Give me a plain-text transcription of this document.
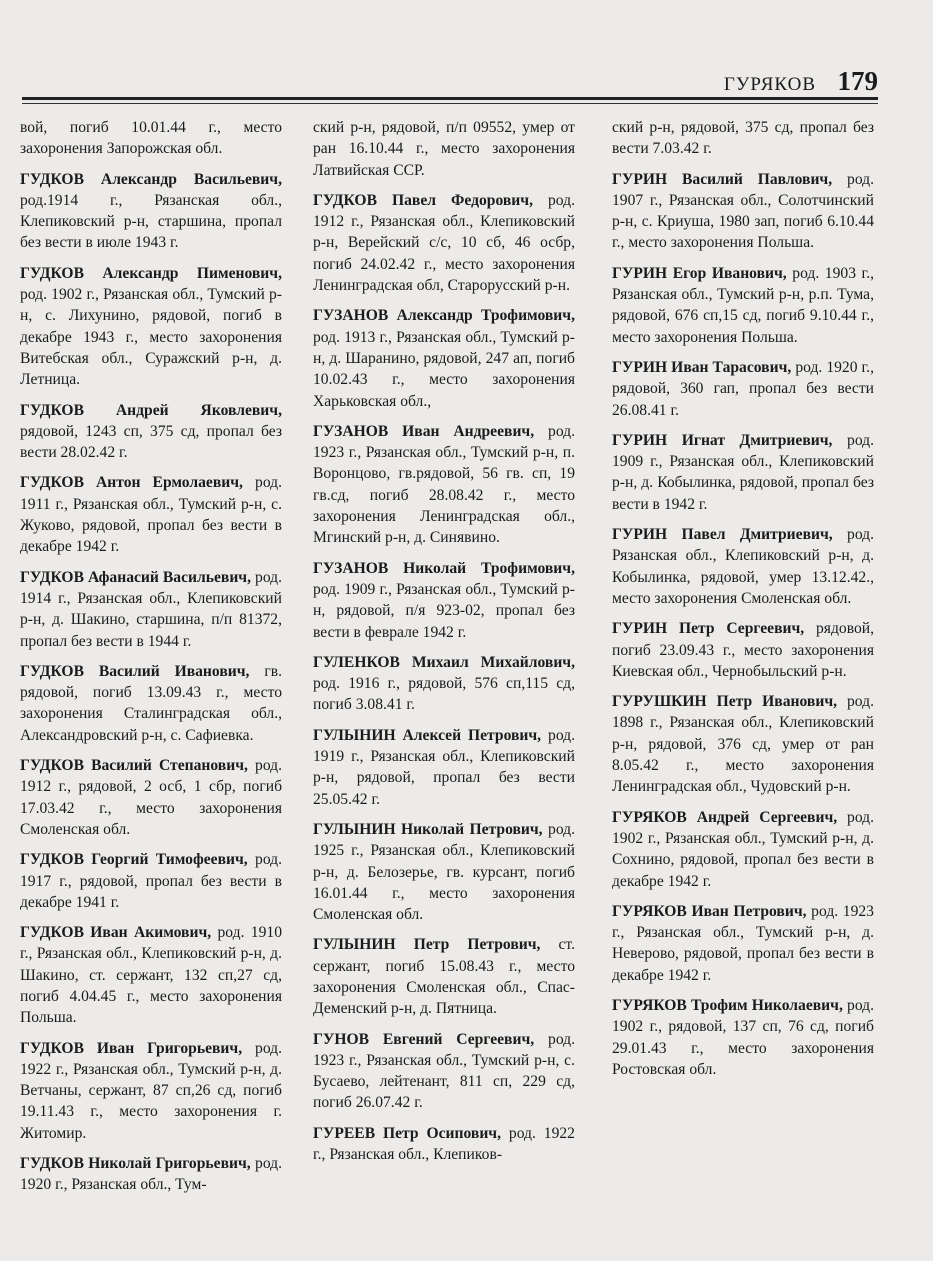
ГУРЯКОВ 179

вой, погиб 10.01.44 г., место захоронения Запорожская обл.

ГУДКОВ Александр Васильевич, род.1914 г., Рязанская обл., Клепиковский р-н, старшина, пропал без вести в июле 1943 г.

ГУДКОВ Александр Пименович, род. 1902 г., Рязанская обл., Тумский р-н, с. Лихунино, рядовой, погиб в декабре 1943 г., место захоронения Витебская обл., Суражский р-н, д. Летница.

ГУДКОВ Андрей Яковлевич, рядовой, 1243 сп, 375 сд, пропал без вести 28.02.42 г.

ГУДКОВ Антон Ермолаевич, род. 1911 г., Рязанская обл., Тумский р-н, с. Жуково, рядовой, пропал без вести в декабре 1942 г.

ГУДКОВ Афанасий Васильевич, род. 1914 г., Рязанская обл., Клепиковский р-н, д. Шакино, старшина, п/п 81372, пропал без вести в 1944 г.

ГУДКОВ Василий Иванович, гв. рядовой, погиб 13.09.43 г., место захоронения Сталинградская обл., Александровский р-н, с. Сафиевка.

ГУДКОВ Василий Степанович, род. 1912 г., рядовой, 2 осб, 1 сбр, погиб 17.03.42 г., место захоронения Смоленская обл.

ГУДКОВ Георгий Тимофеевич, род. 1917 г., рядовой, пропал без вести в декабре 1941 г.

ГУДКОВ Иван Акимович, род. 1910 г., Рязанская обл., Клепиковский р-н, д. Шакино, ст. сержант, 132 сп,27 сд, погиб 4.04.45 г., место захоронения Польша.

ГУДКОВ Иван Григорьевич, род. 1922 г., Рязанская обл., Тумский р-н, д. Ветчаны, сержант, 87 сп,26 сд, погиб 19.11.43 г., место захоронения г. Житомир.

ГУДКОВ Николай Григорьевич, род. 1920 г., Рязанская обл., Тум-

ский р-н, рядовой, п/п 09552, умер от ран 16.10.44 г., место захоронения Латвийская ССР.

ГУДКОВ Павел Федорович, род. 1912 г., Рязанская обл., Клепиковский р-н, Верейский с/с, 10 сб, 46 осбр, погиб 24.02.42 г., место захоронения Ленинградская обл, Старорусский р-н.

ГУЗАНОВ Александр Трофимович, род. 1913 г., Рязанская обл., Тумский р-н, д. Шаранино, рядовой, 247 ап, погиб 10.02.43 г., место захоронения Харьковская обл.,

ГУЗАНОВ Иван Андреевич, род. 1923 г., Рязанская обл., Тумский р-н, п. Воронцово, гв.рядовой, 56 гв. сп, 19 гв.сд, погиб 28.08.42 г., место захоронения Ленинградская обл., Мгинский р-н, д. Синявино.

ГУЗАНОВ Николай Трофимович, род. 1909 г., Рязанская обл., Тумский р-н, рядовой, п/я 923-02, пропал без вести в феврале 1942 г.

ГУЛЕНКОВ Михаил Михайлович, род. 1916 г., рядовой, 576 сп,115 сд, погиб 3.08.41 г.

ГУЛЫНИН Алексей Петрович, род. 1919 г., Рязанская обл., Клепиковский р-н, рядовой, пропал без вести 25.05.42 г.

ГУЛЫНИН Николай Петрович, род. 1925 г., Рязанская обл., Клепиковский р-н, д. Белозерье, гв. курсант, погиб 16.01.44 г., место захоронения Смоленская обл.

ГУЛЫНИН Петр Петрович, ст. сержант, погиб 15.08.43 г., место захоронения Смоленская обл., Спас-Деменский р-н, д. Пятница.

ГУНОВ Евгений Сергеевич, род. 1923 г., Рязанская обл., Тумский р-н, с. Бусаево, лейтенант, 811 сп, 229 сд, погиб 26.07.42 г.

ГУРЕЕВ Петр Осипович, род. 1922 г., Рязанская обл., Клепиков-

ский р-н, рядовой, 375 сд, пропал без вести 7.03.42 г.

ГУРИН Василий Павлович, род. 1907 г., Рязанская обл., Солотчинский р-н, с. Криуша, 1980 зап, погиб 6.10.44 г., место захоронения Польша.

ГУРИН Егор Иванович, род. 1903 г., Рязанская обл., Тумский р-н, р.п. Тума, рядовой, 676 сп,15 сд, погиб 9.10.44 г., место захоронения Польша.

ГУРИН Иван Тарасович, род. 1920 г., рядовой, 360 гап, пропал без вести 26.08.41 г.

ГУРИН Игнат Дмитриевич, род. 1909 г., Рязанская обл., Клепиковский р-н, д. Кобылинка, рядовой, пропал без вести в 1942 г.

ГУРИН Павел Дмитриевич, род. Рязанская обл., Клепиковский р-н, д. Кобылинка, рядовой, умер 13.12.42., место захоронения Смоленская обл.

ГУРИН Петр Сергеевич, рядовой, погиб 23.09.43 г., место захоронения Киевская обл., Чернобыльский р-н.

ГУРУШКИН Петр Иванович, род. 1898 г., Рязанская обл., Клепиковский р-н, рядовой, 376 сд, умер от ран 8.05.42 г., место захоронения Ленинградская обл., Чудовский р-н.

ГУРЯКОВ Андрей Сергеевич, род. 1902 г., Рязанская обл., Тумский р-н, д. Сохнино, рядовой, пропал без вести в декабре 1942 г.

ГУРЯКОВ Иван Петрович, род. 1923 г., Рязанская обл., Тумский р-н, д. Неверово, рядовой, пропал без вести в декабре 1942 г.

ГУРЯКОВ Трофим Николаевич, род. 1902 г., рядовой, 137 сп, 76 сд, погиб 29.01.43 г., место захоронения Ростовская обл.
